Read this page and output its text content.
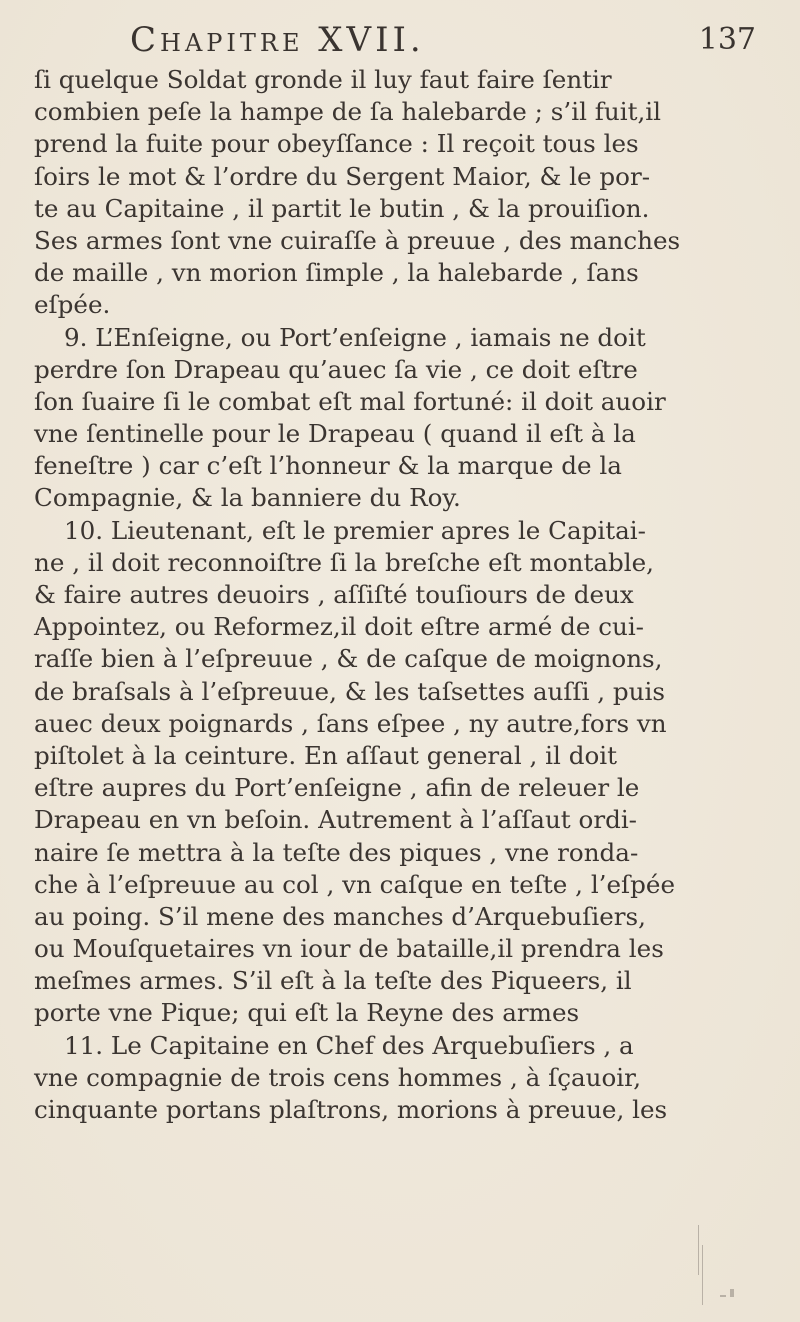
Chapitre XVII.	137
ſi quelque Soldat gronde il luy faut faire ſentir
combien peſe la hampe de ſa halebarde ; s’il fuit,il
prend la fuite pour obeyſſance : Il reçoit tous les
ſoirs le mot & l’ordre du Sergent Maior, & le por-
te au Capitaine , il partit le butin , & la prouiſion.
Ses armes ſont vne cuiraſſe à preuue , des manches
de maille , vn morion ſimple , la halebarde , ſans
eſpée.
9. L’Enſeigne, ou Port’enſeigne , iamais ne doit
perdre ſon Drapeau qu’auec ſa vie , ce doit eſtre
ſon ſuaire ſi le combat eſt mal fortuné: il doit auoir
vne ſentinelle pour le Drapeau ( quand il eſt à la
feneſtre ) car c’eſt l’honneur & la marque de la
Compagnie, & la banniere du Roy.
10. Lieutenant, eſt le premier apres le Capitai-
ne , il doit reconnoiſtre ſi la breſche eſt montable,
& faire autres deuoirs , aſſiſté touſiours de deux
Appointez, ou Reformez,il doit eſtre armé de cui-
raſſe bien à l’eſpreuue , & de caſque de moignons,
de braſsals à l’eſpreuue, & les taſsettes auſſi , puis
auec deux poignards , ſans eſpee , ny autre,fors vn
piſtolet à la ceinture. En aſſaut general , il doit
eſtre aupres du Port’enſeigne , afin de releuer le
Drapeau en vn beſoin. Autrement à l’aſſaut ordi-
naire ſe mettra à la teſte des piques , vne ronda-
che à l’eſpreuue au col , vn caſque en teſte , l’eſpée
au poing. S’il mene des manches d’Arquebuſiers,
ou Mouſquetaires vn iour de bataille,il prendra les
meſmes armes. S’il eſt à la teſte des Piqueers, il
porte vne Pique; qui eſt la Reyne des armes
11. Le Capitaine en Chef des Arquebuſiers , a
vne compagnie de trois cens hommes , à ſçauoir,
cinquante portans plaſtrons, morions à preuue, les
